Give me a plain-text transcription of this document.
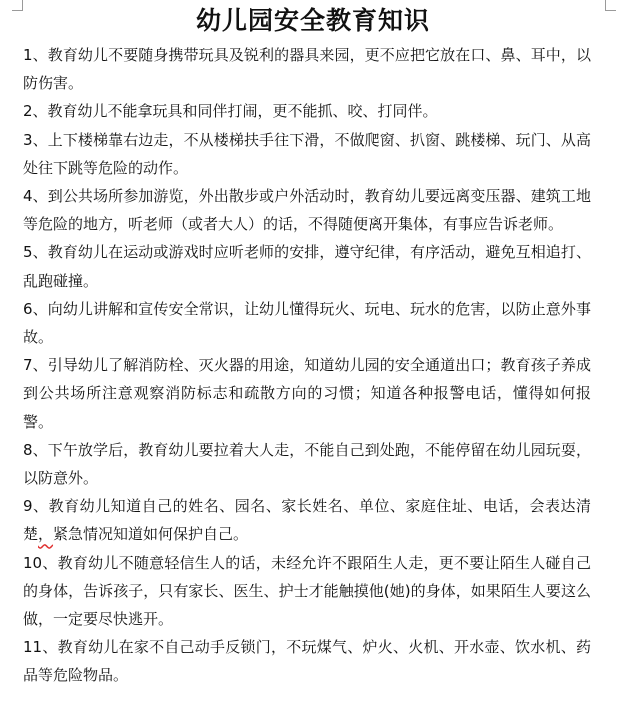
幼儿园安全教育知识

1、教育幼儿不要随身携带玩具及锐利的器具来园，更不应把它放在口、鼻、耳中，以防伤害。

2、教育幼儿不能拿玩具和同伴打闹，更不能抓、咬、打同伴。

3、上下楼梯靠右边走，不从楼梯扶手往下滑，不做爬窗、扒窗、跳楼梯、玩门、从高处往下跳等危险的动作。

4、到公共场所参加游览，外出散步或户外活动时，教育幼儿要远离变压器、建筑工地等危险的地方，听老师（或者大人）的话，不得随便离开集体，有事应告诉老师。

5、教育幼儿在运动或游戏时应听老师的安排，遵守纪律，有序活动，避免互相追打、乱跑碰撞。

6、向幼儿讲解和宣传安全常识，让幼儿懂得玩火、玩电、玩水的危害，以防止意外事故。

7、引导幼儿了解消防栓、灭火器的用途，知道幼儿园的安全通道出口；教育孩子养成到公共场所注意观察消防标志和疏散方向的习惯；知道各种报警电话，懂得如何报警。

8、下午放学后，教育幼儿要拉着大人走，不能自己到处跑，不能停留在幼儿园玩耍，以防意外。

9、教育幼儿知道自己的姓名、园名、家长姓名、单位、家庭住址、电话，会表达清楚，紧急情况知道如何保护自己。

10、教育幼儿不随意轻信生人的话，未经允许不跟陌生人走，更不要让陌生人碰自己的身体，告诉孩子，只有家长、医生、护士才能触摸他(她)的身体，如果陌生人要这么做，一定要尽快逃开。

11、教育幼儿在家不自己动手反锁门，不玩煤气、炉火、火机、开水壶、饮水机、药品等危险物品。
